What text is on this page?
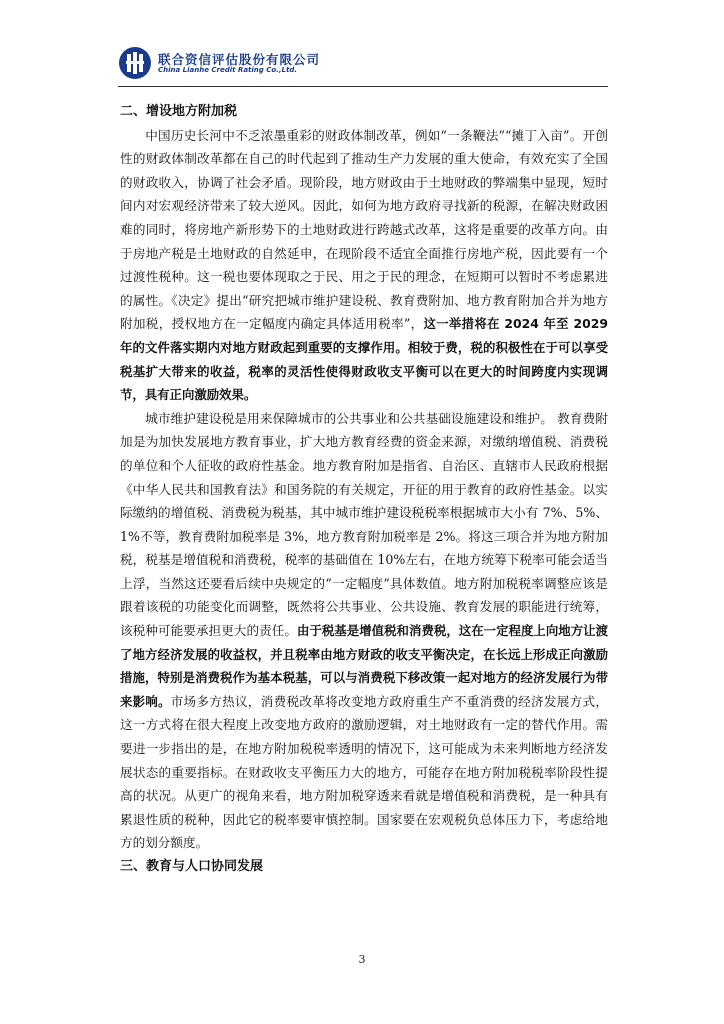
联合资信评估股份有限公司
China Lianhe Credit Rating Co.,Ltd.

二、增设地方附加税

中国历史长河中不乏浓墨重彩的财政体制改革，例如“一条鞭法”“摊丁入亩”。开创性的财政体制改革都在自己的时代起到了推动生产力发展的重大使命，有效充实了全国的财政收入，协调了社会矛盾。现阶段，地方财政由于土地财政的弊端集中显现，短时间内对宏观经济带来了较大逆风。因此，如何为地方政府寻找新的税源，在解决财政困难的同时，将房地产新形势下的土地财政进行跨越式改革，这将是重要的改革方向。由于房地产税是土地财政的自然延申，在现阶段不适宜全面推行房地产税，因此要有一个过渡性税种。这一税也要体现取之于民、用之于民的理念，在短期可以暂时不考虑累进的属性。《决定》提出“研究把城市维护建设税、教育费附加、地方教育附加合并为地方附加税，授权地方在一定幅度内确定具体适用税率”，这一举措将在 2024 年至 2029 年的文件落实期内对地方财政起到重要的支撑作用。相较于费，税的积极性在于可以享受税基扩大带来的收益，税率的灵活性使得财政收支平衡可以在更大的时间跨度内实现调节，具有正向激励效果。

城市维护建设税是用来保障城市的公共事业和公共基础设施建设和维护。 教育费附加是为加快发展地方教育事业，扩大地方教育经费的资金来源，对缴纳增值税、消费税的单位和个人征收的政府性基金。地方教育附加是指省、自治区、直辖市人民政府根据《中华人民共和国教育法》和国务院的有关规定，开征的用于教育的政府性基金。以实际缴纳的增值税、消费税为税基，其中城市维护建设税税率根据城市大小有 7%、5%、1%不等，教育费附加税率是 3%，地方教育附加税率是 2%。将这三项合并为地方附加税，税基是增值税和消费税，税率的基础值在 10%左右，在地方统筹下税率可能会适当上浮，当然这还要看后续中央规定的“一定幅度”具体数值。地方附加税税率调整应该是跟着该税的功能变化而调整，既然将公共事业、公共设施、教育发展的职能进行统筹，该税种可能要承担更大的责任。由于税基是增值税和消费税，这在一定程度上向地方让渡了地方经济发展的收益权，并且税率由地方财政的收支平衡决定，在长远上形成正向激励措施，特别是消费税作为基本税基，可以与消费税下移改策一起对地方的经济发展行为带来影响。市场多方热议，消费税改革将改变地方政府重生产不重消费的经济发展方式，这一方式将在很大程度上改变地方政府的激励逻辑，对土地财政有一定的替代作用。需要进一步指出的是，在地方附加税税率透明的情况下，这可能成为未来判断地方经济发展状态的重要指标。在财政收支平衡压力大的地方，可能存在地方附加税税率阶段性提高的状况。从更广的视角来看，地方附加税穿透来看就是增值税和消费税，是一种具有累退性质的税种，因此它的税率要审慎控制。国家要在宏观税负总体压力下，考虑给地方的划分额度。

三、教育与人口协同发展

3
